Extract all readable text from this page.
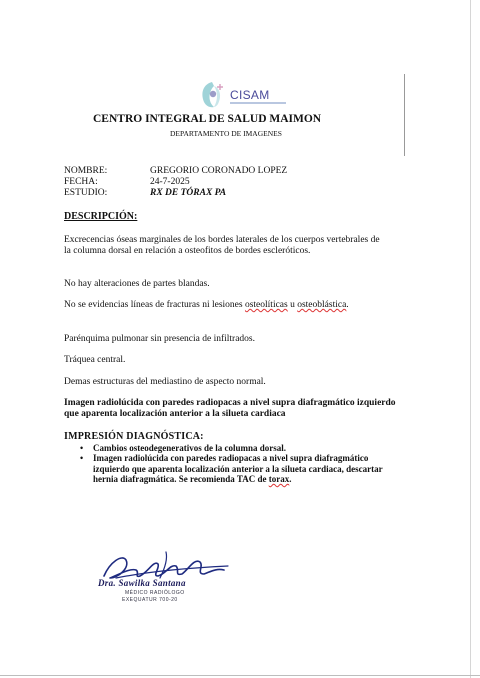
CISAM
CENTRO INTEGRAL DE SALUD MAIMON
DEPARTAMENTO DE IMAGENES
NOMBRE:	GREGORIO CORONADO LOPEZ
FECHA:	24-7-2025
ESTUDIO:	RX DE TÓRAX PA
DESCRIPCIÓN:
Excrecencias óseas marginales de los bordes laterales de los cuerpos vertebrales de la columna dorsal en relación a osteofitos de bordes escleróticos.
No hay alteraciones de partes blandas.
No se evidencias líneas de fracturas ni lesiones osteolíticas u osteoblástica.
Parénquima pulmonar sin presencia de infiltrados.
Tráquea central.
Demas estructuras del mediastino de aspecto normal.
Imagen radiolúcida con paredes radiopacas a nivel supra diafragmático izquierdo que aparenta localización anterior a la silueta cardiaca
IMPRESIÓN DIAGNÓSTICA:
• Cambios osteodegenerativos de la columna dorsal.
• Imagen radiolúcida con paredes radiopacas a nivel supra diafragmático izquierdo que aparenta localización anterior a la silueta cardiaca, descartar hernia diafragmática. Se recomienda TAC de torax.
Dra. Sawilka Santana
MÉDICO RADIÓLOGO
EXEQUATUR 700-20
